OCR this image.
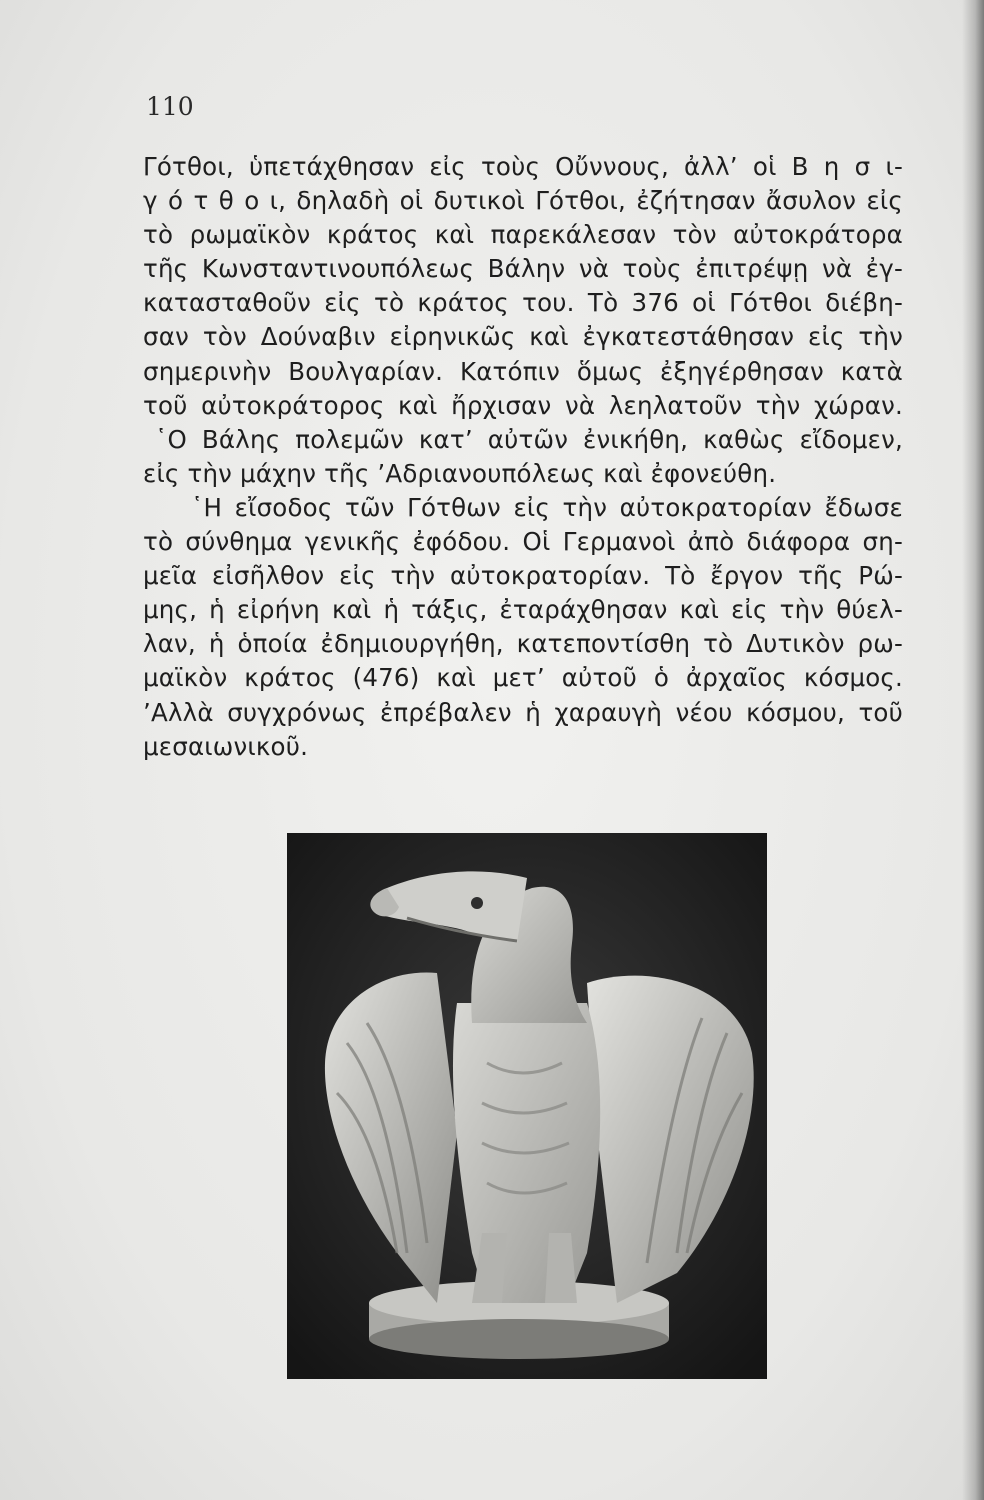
110

Γότθοι, ὑπετάχθησαν εἰς τοὺς Οὔννους, ἀλλ’ οἱ Β η σ ι-
γ ό τ θ ο ι, δηλαδὴ οἱ δυτικοὶ Γότθοι, ἐζήτησαν ἄσυλον εἰς
τὸ ρωμαϊκὸν κράτος καὶ παρεκάλεσαν τὸν αὐτοκράτορα
τῆς Κωνσταντινουπόλεως Βάλην νὰ τοὺς ἐπιτρέψῃ νὰ ἐγ-
κατασταθοῦν εἰς τὸ κράτος του. Τὸ 376 οἱ Γότθοι διέβη-
σαν τὸν Δούναβιν εἰρηνικῶς καὶ ἐγκατεστάθησαν εἰς τὴν
σημερινὴν Βουλγαρίαν. Κατόπιν ὅμως ἐξηγέρθησαν κατὰ
τοῦ αὐτοκράτορος καὶ ἤρχισαν νὰ λεηλατοῦν τὴν χώραν.
῾Ο Βάλης πολεμῶν κατ’ αὐτῶν ἐνικήθη, καθὼς εἴδομεν,
εἰς τὴν μάχην τῆς ’Αδριανουπόλεως καὶ ἐφονεύθη.
῾Η εἴσοδος τῶν Γότθων εἰς τὴν αὐτοκρατορίαν ἔδωσε
τὸ σύνθημα γενικῆς ἐφόδου. Οἱ Γερμανοὶ ἀπὸ διάφορα ση-
μεῖα εἰσῆλθον εἰς τὴν αὐτοκρατορίαν. Τὸ ἔργον τῆς Ρώ-
μης, ἡ εἰρήνη καὶ ἡ τάξις, ἐταράχθησαν καὶ εἰς τὴν θύελ-
λαν, ἡ ὁποία ἐδημιουργήθη, κατεποντίσθη τὸ Δυτικὸν ρω-
μαϊκὸν κράτος (476) καὶ μετ’ αὐτοῦ ὁ ἀρχαῖος κόσμος.
’Αλλὰ συγχρόνως ἐπρέβαλεν ἡ χαραυγὴ νέου κόσμου, τοῦ
μεσαιωνικοῦ.
